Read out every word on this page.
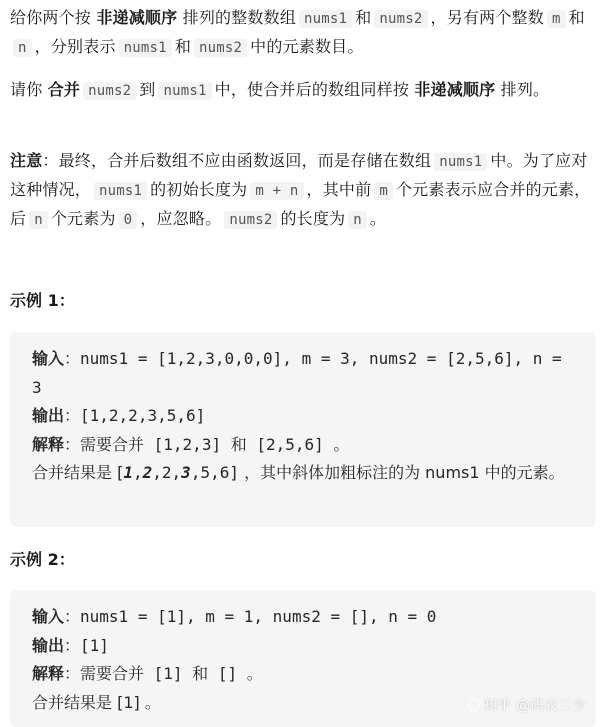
给你两个按 非递减顺序 排列的整数数组 nums1 和 nums2 ，另有两个整数 m 和n ，分别表示 nums1 和 nums2 中的元素数目。
请你 合并 nums2 到 nums1 中，使合并后的数组同样按 非递减顺序 排列。
注意：最终，合并后数组不应由函数返回，而是存储在数组 nums1 中。为了应对这种情况， nums1 的初始长度为 m + n ，其中前 m 个元素表示应合并的元素，后 n 个元素为 0 ，应忽略。 nums2 的长度为 n 。
示例 1：
输入：nums1 = [1,2,3,0,0,0], m = 3, nums2 = [2,5,6], n = 3
输出：[1,2,2,3,5,6]
解释：需要合并 [1,2,3] 和 [2,5,6] 。
合并结果是 [1,2,2,3,5,6] ，其中斜体加粗标注的为 nums1 中的元素。
示例 2：
输入：nums1 = [1], m = 1, nums2 = [], n = 0
输出：[1]
解释：需要合并 [1] 和 [] 。
合并结果是 [1] 。	知乎 @码农三少
